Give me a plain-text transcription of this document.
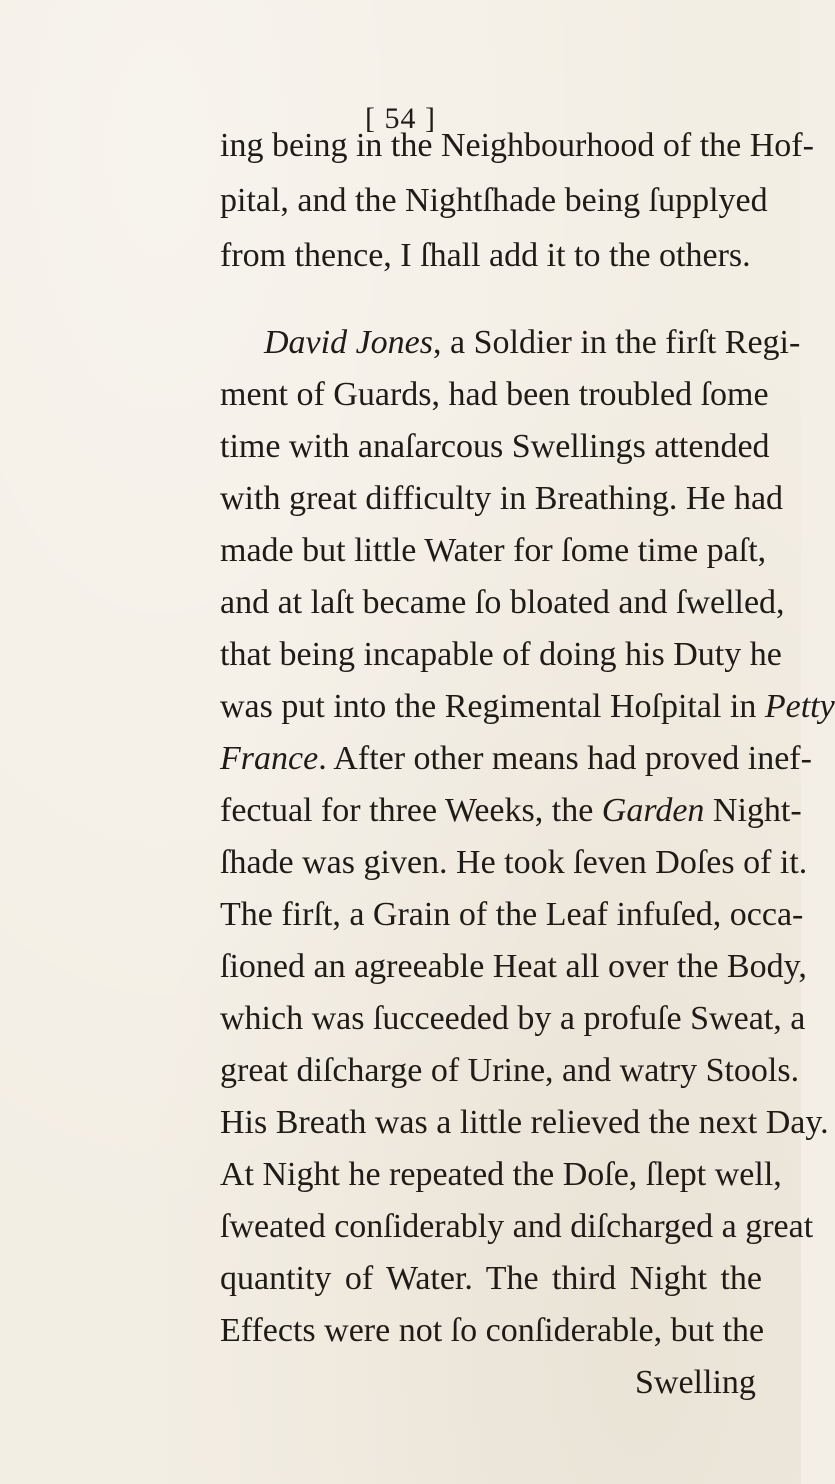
[ 54 ]
ing being in the Neighbourhood of the Hof-
pital, and the Nightſhade being ſupplyed
from thence, I ſhall add it to the others.
David Jones, a Soldier in the firſt Regi-
ment of Guards, had been troubled ſome
time with anaſarcous Swellings attended
with great difficulty in Breathing. He had
made but little Water for ſome time paſt,
and at laſt became ſo bloated and ſwelled,
that being incapable of doing his Duty he
was put into the Regimental Hoſpital in Petty
France. After other means had proved inef-
fectual for three Weeks, the Garden Night-
ſhade was given. He took ſeven Doſes of it.
The firſt, a Grain of the Leaf infuſed, occa-
ſioned an agreeable Heat all over the Body,
which was ſucceeded by a profuſe Sweat, a
great diſcharge of Urine, and watry Stools.
His Breath was a little relieved the next Day.
At Night he repeated the Doſe, ſlept well,
ſweated conſiderably and diſcharged a great
quantity of Water. The third Night the
Effects were not ſo conſiderable, but the
Swelling
